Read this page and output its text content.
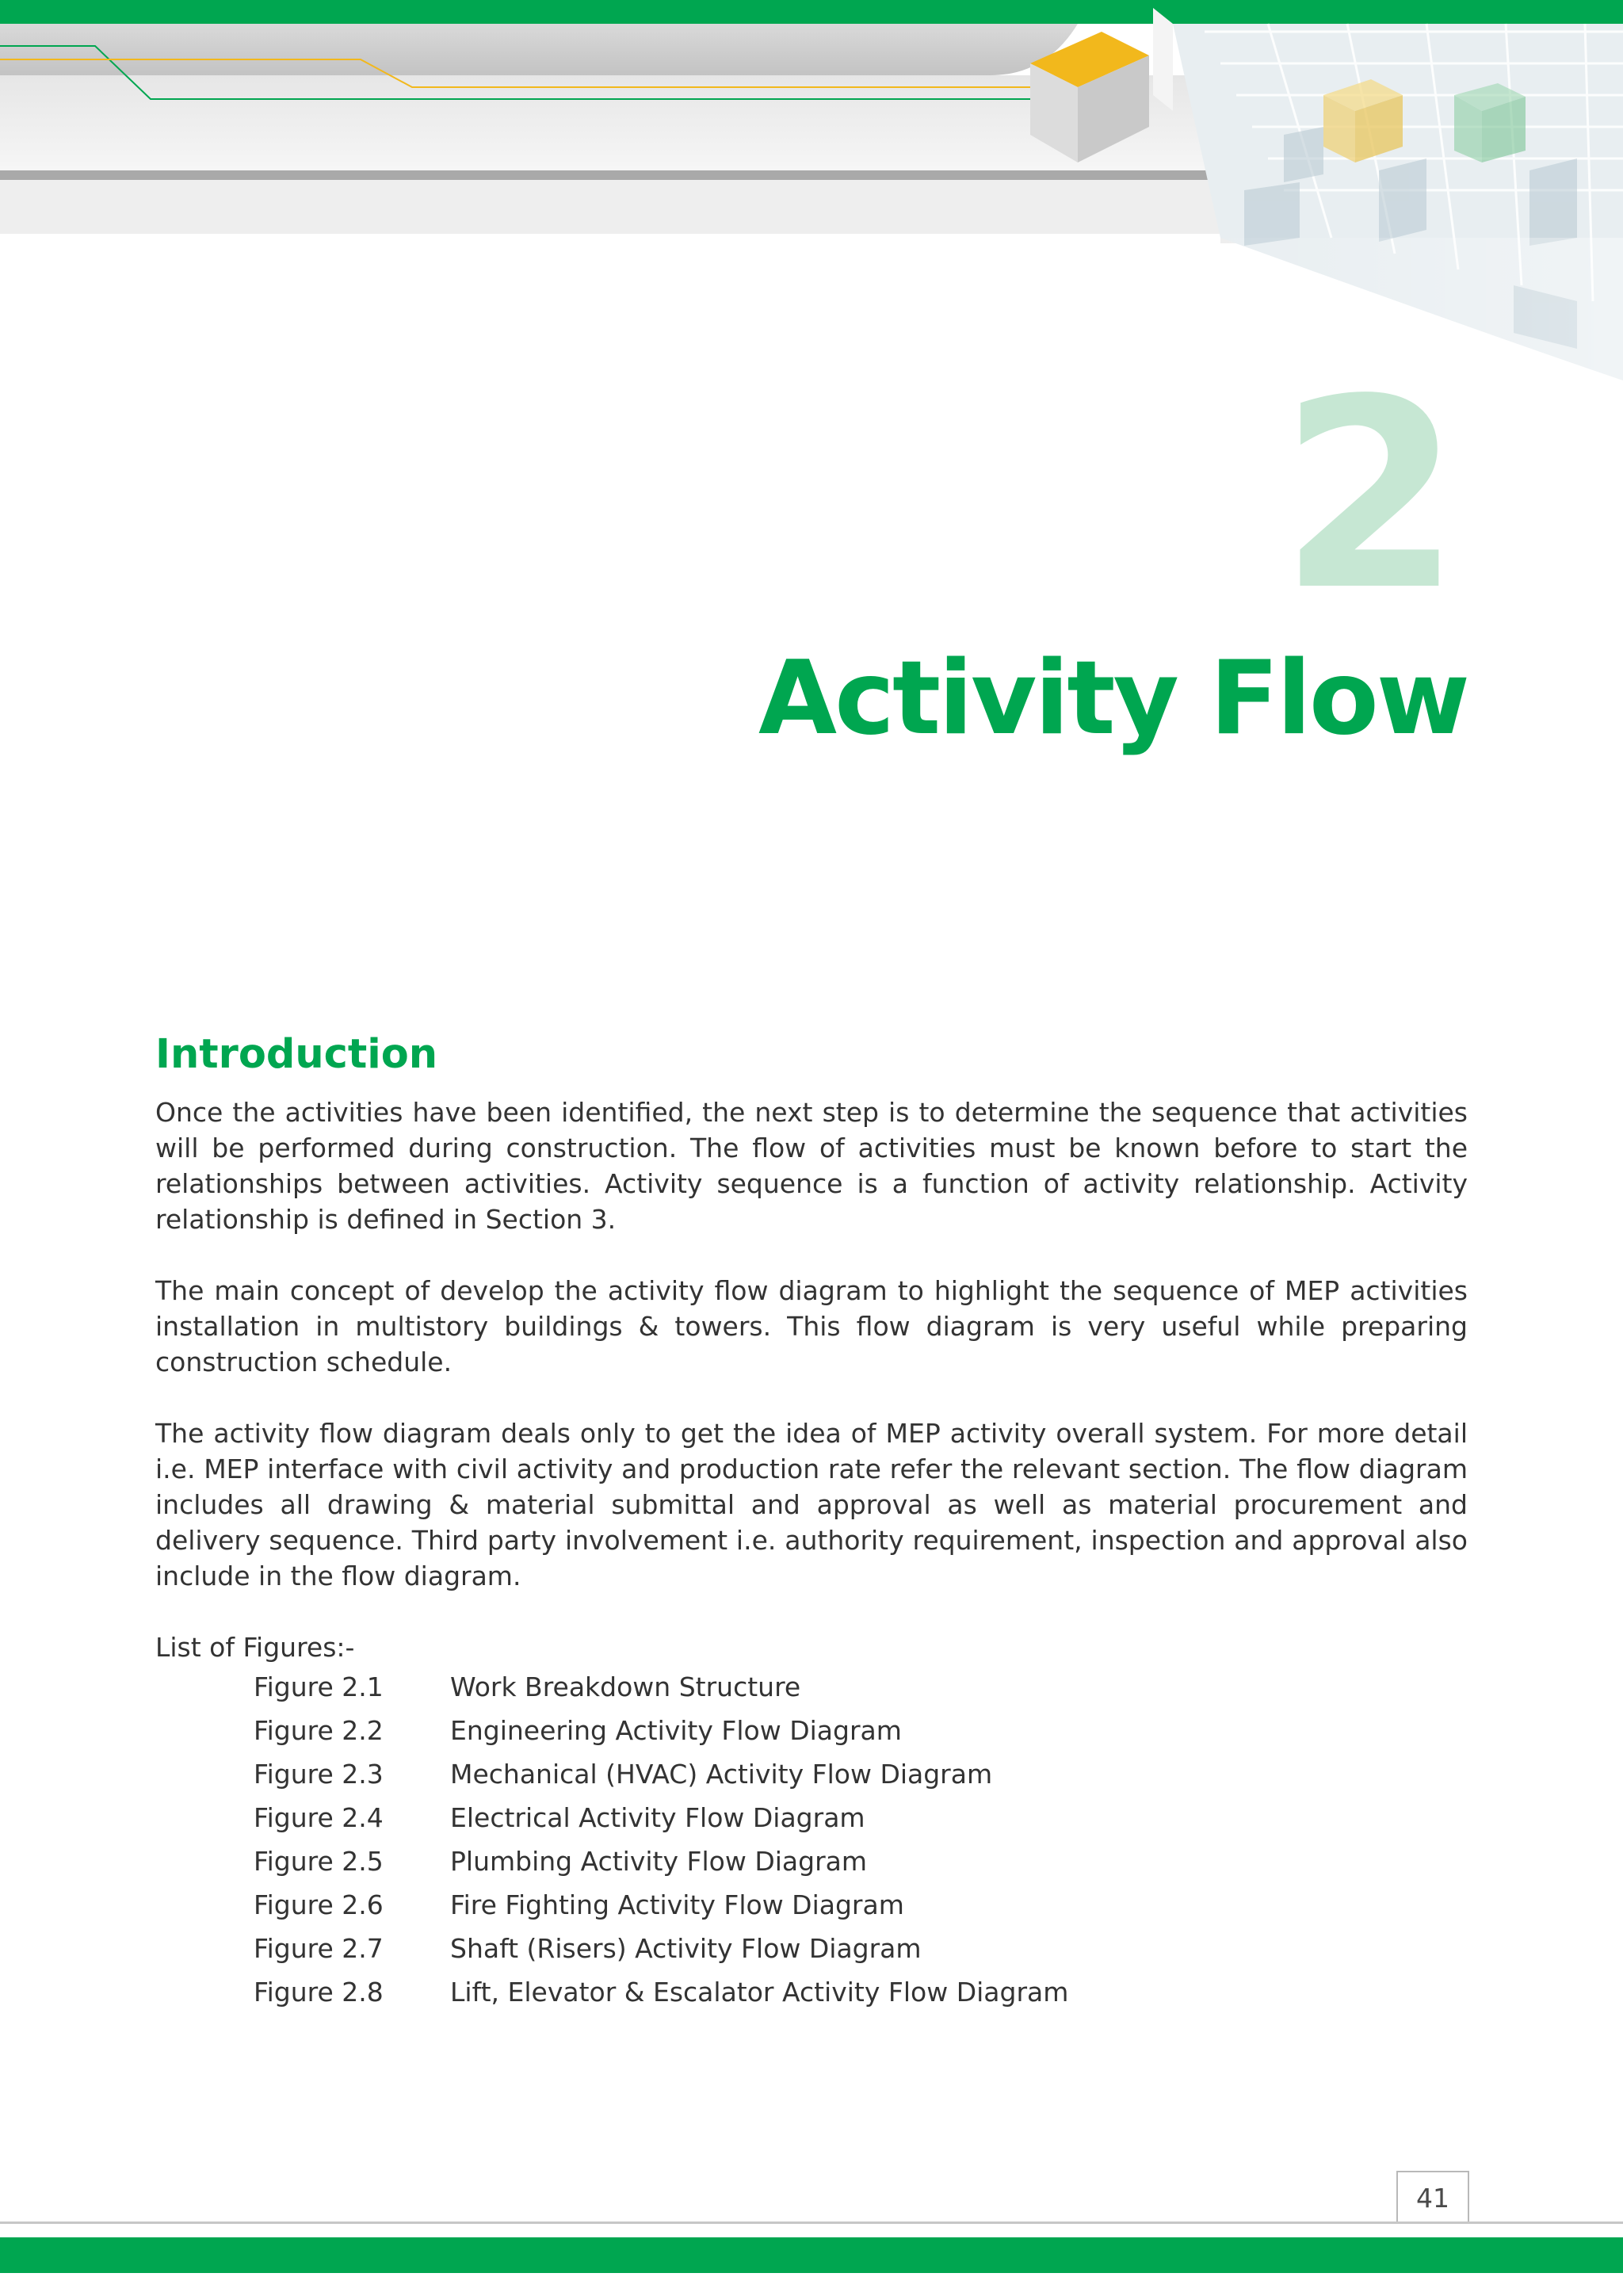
2
Activity Flow
Introduction

Once the activities have been identified, the next step is to determine the sequence that activities will be performed during construction. The flow of activities must be known before to start the relationships between activities. Activity sequence is a function of activity relationship. Activity relationship is defined in Section 3.

The main concept of develop the activity flow diagram to highlight the sequence of MEP activities installation in multistory buildings & towers. This flow diagram is very useful while preparing construction schedule.

The activity flow diagram deals only to get the idea of MEP activity overall system. For more detail i.e. MEP interface with civil activity and production rate refer the relevant section. The flow diagram includes all drawing & material submittal and approval as well as material procurement and delivery sequence. Third party involvement i.e. authority requirement, inspection and approval also include in the flow diagram.

List of Figures:-

Figure 2.1	Work Breakdown Structure
Figure 2.2	Engineering Activity Flow Diagram
Figure 2.3	Mechanical (HVAC) Activity Flow Diagram
Figure 2.4	Electrical Activity Flow Diagram
Figure 2.5	Plumbing Activity Flow Diagram
Figure 2.6	Fire Fighting Activity Flow Diagram
Figure 2.7	Shaft (Risers) Activity Flow Diagram
Figure 2.8	Lift, Elevator & Escalator Activity Flow Diagram
41
